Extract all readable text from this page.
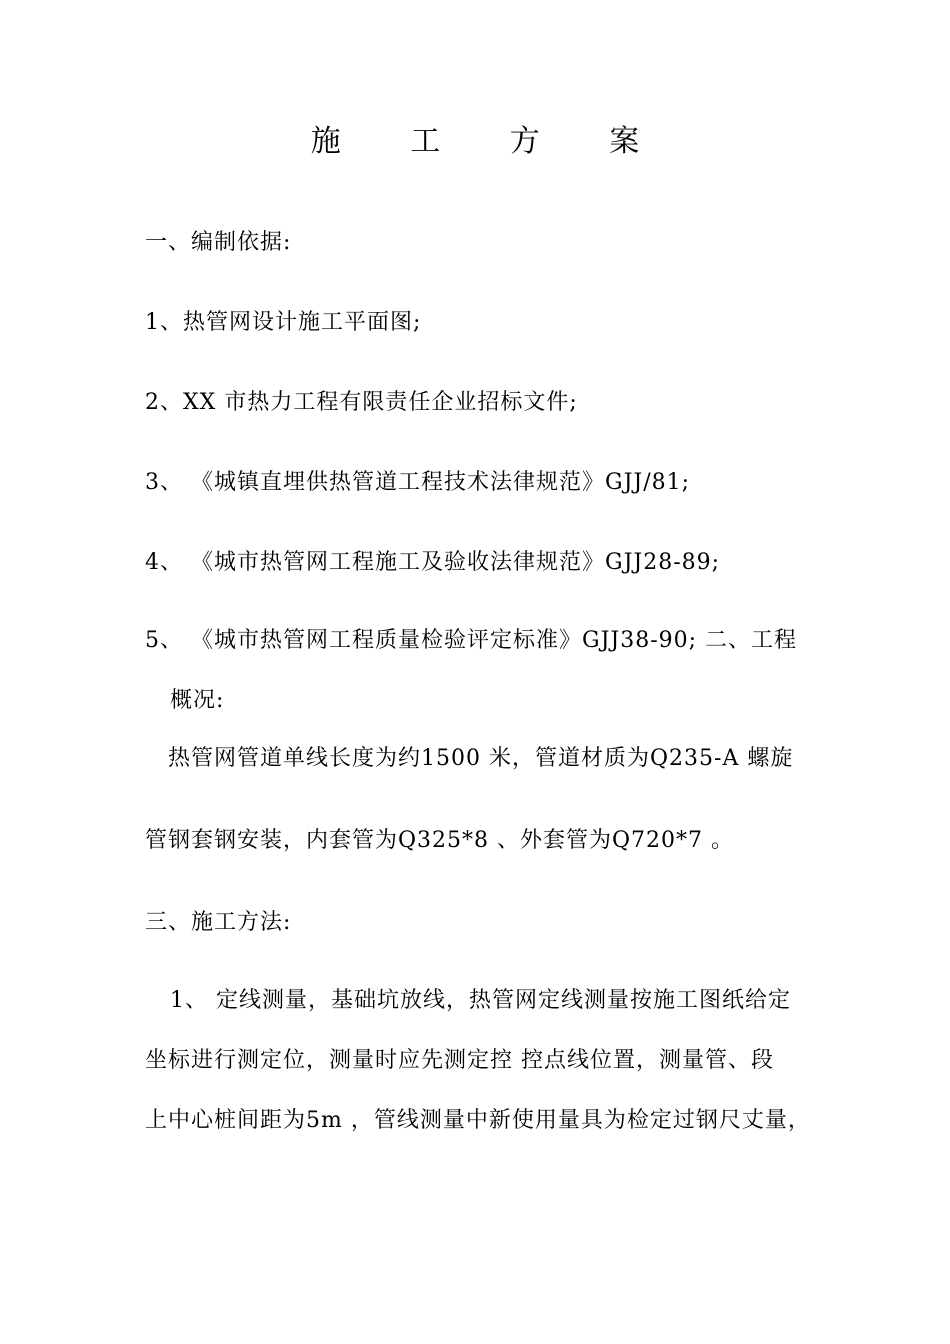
施 工 方 案
一、编制依据:
1、热管网设计施工平面图;
2、XX 市热力工程有限责任企业招标文件;
3、 《城镇直埋供热管道工程技术法律规范》GJJ/81;
4、 《城市热管网工程施工及验收法律规范》GJJ28-89;
5、 《城市热管网工程质量检验评定标准》GJJ38-90; 二、工程
概况:
热管网管道单线长度为约1500 米，管道材质为Q235-A 螺旋
管钢套钢安装，内套管为Q325*8 、外套管为Q720*7 。
三、施工方法:
1、 定线测量，基础坑放线，热管网定线测量按施工图纸给定
坐标进行测定位，测量时应先测定控 控点线位置，测量管、段
上中心桩间距为5m ，管线测量中新使用量具为检定过钢尺丈量，
